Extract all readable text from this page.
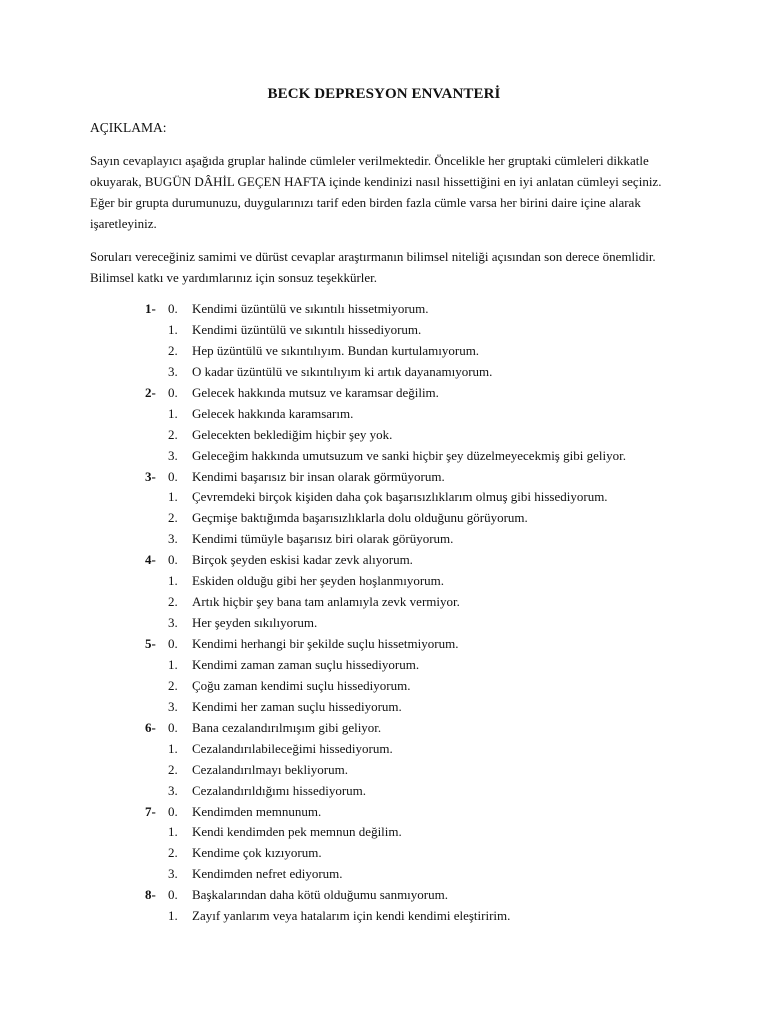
BECK DEPRESYON ENVANTERİ
AÇIKLAMA:
Sayın cevaplayıcı aşağıda gruplar halinde cümleler verilmektedir. Öncelikle her gruptaki cümleleri dikkatle
okuyarak, BUGÜN DÂHİL GEÇEN HAFTA içinde kendinizi nasıl hissettiğini en iyi anlatan cümleyi seçiniz.
Eğer bir grupta durumunuzu, duygularınızı tarif eden birden fazla cümle varsa her birini daire içine alarak
işaretleyiniz.
Soruları vereceğiniz samimi ve dürüst cevaplar araştırmanın bilimsel niteliği açısından son derece önemlidir.
Bilimsel katkı ve yardımlarınız için sonsuz teşekkürler.
1- 0. Kendimi üzüntülü ve sıkıntılı hissetmiyorum.
1. Kendimi üzüntülü ve sıkıntılı hissediyorum.
2. Hep üzüntülü ve sıkıntılıyım. Bundan kurtulamıyorum.
3. O kadar üzüntülü ve sıkıntılıyım ki artık dayanamıyorum.
2- 0. Gelecek hakkında mutsuz ve karamsar değilim.
1. Gelecek hakkında karamsarım.
2. Gelecekten beklediğim hiçbir şey yok.
3. Geleceğim hakkında umutsuzum ve sanki hiçbir şey düzelmeyecekmiş gibi geliyor.
3- 0. Kendimi başarısız bir insan olarak görmüyorum.
1. Çevremdeki birçok kişiden daha çok başarısızlıklarım olmuş gibi hissediyorum.
2. Geçmişe baktığımda başarısızlıklarla dolu olduğunu görüyorum.
3. Kendimi tümüyle başarısız biri olarak görüyorum.
4- 0. Birçok şeyden eskisi kadar zevk alıyorum.
1. Eskiden olduğu gibi her şeyden hoşlanmıyorum.
2. Artık hiçbir şey bana tam anlamıyla zevk vermiyor.
3. Her şeyden sıkılıyorum.
5- 0. Kendimi herhangi bir şekilde suçlu hissetmiyorum.
1. Kendimi zaman zaman suçlu hissediyorum.
2. Çoğu zaman kendimi suçlu hissediyorum.
3. Kendimi her zaman suçlu hissediyorum.
6- 0. Bana cezalandırılmışım gibi geliyor.
1. Cezalandırılabileceğimi hissediyorum.
2. Cezalandırılmayı bekliyorum.
3. Cezalandırıldığımı hissediyorum.
7- 0. Kendimden memnunum.
1. Kendi kendimden pek memnun değilim.
2. Kendime çok kızıyorum.
3. Kendimden nefret ediyorum.
8- 0. Başkalarından daha kötü olduğumu sanmıyorum.
1. Zayıf yanlarım veya hatalarım için kendi kendimi eleştiririm.
